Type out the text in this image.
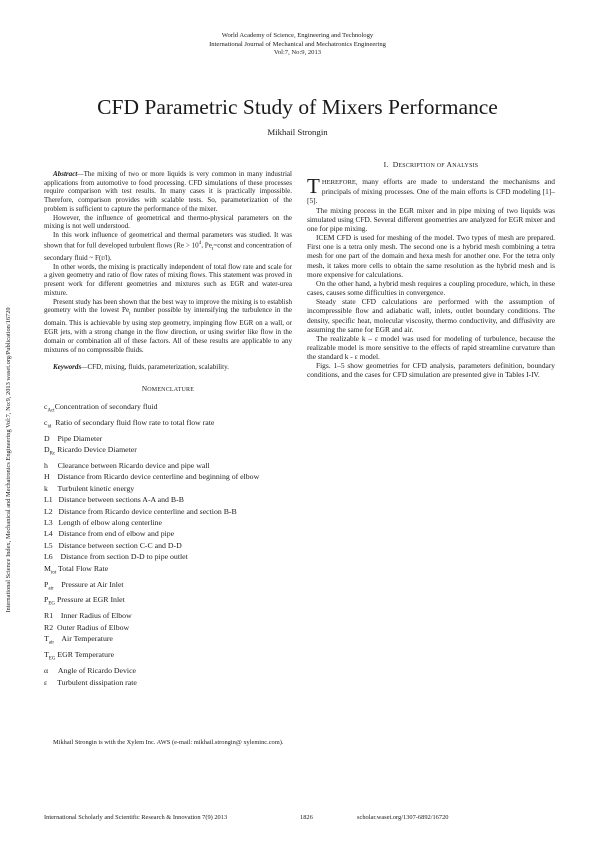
World Academy of Science, Engineering and Technology
International Journal of Mechanical and Mechatronics Engineering
Vol:7, No:9, 2013
CFD Parametric Study of Mixers Performance
Mikhail Strongin
International Science Index, Mechanical and Mechatronics Engineering Vol:7, No:9, 2013 waset.org/Publication/16720

Abstract—The mixing of two or more liquids is very common in many industrial applications from automotive to food processing. CFD simulations of these processes require comparison with test results. In many cases it is practically impossible. Therefore, comparison provides with scalable tests. So, parameterization of the problem is sufficient to capture the performance of the mixer.

However, the influence of geometrical and thermo-physical parameters on the mixing is not well understood.

In this work influence of geometrical and thermal parameters was studied. It was shown that for full developed turbulent flows ($Re > 10^4$, $Pe_t=const$ and concentration of secondary fluid ~ F(r/l).

In other words, the mixing is practically independent of total flow rate and scale for a given geometry and ratio of flow rates of mixing flows. This statement was proved in present work for different geometries and mixtures such as EGR and water-urea mixture.

Present study has been shown that the best way to improve the mixing is to establish geometry with the lowest $Pe_t$ number possible by intensifying the turbulence in the domain. This is achievable by using step geometry, impinging flow EGR on a wall, or EGR jets, with a strong change in the flow direction, or using swirler like flow in the domain or combination all of these factors. All of these results are applicable to any mixtures of no compressible fluids.

Keywords—CFD, mixing, fluids, parameterization, scalability.

NOMENCLATURE
$c_{Act}Concentration$ of secondary fluid
$c_{id}$  Ratio of secondary fluid flow rate to total flow rate
D    Pipe Diameter
$D_{Rc}$ Ricardo Device Diameter
h     Clearance between Ricardo device and pipe wall
H    Distance from Ricardo device centerline and beginning of elbow
k     Turbulent kinetic energy
L1   Distance between sections A-A and B-B
L2   Distance from Ricardo device centerline and section B-B
L3   Length of elbow along centerline
L4   Distance from end of elbow and pipe
L5   Distance between section C-C and D-D
L6    Distance from section D-D to pipe outlet
$M_{tot}$ Total Flow Rate
$P_{air}$    Pressure at Air Inlet
$P_{EG}$ Pressure at EGR Inlet
R1    Inner Radius of Elbow
R2  Outer Radius of Elbow
$T_{air}$    Air Temperature
$T_{EG}$ EGR Temperature
α     Angle of Ricardo Device
ε     Turbulent dissipation rate
Mikhail Strongin is with the Xylem Inc. AWS (e-mail: mikhail.strongin@ xyleminc.com).
I. DESCRIPTION OF ANALYSIS

THEREFORE, many efforts are made to understand the mechanisms and principals of mixing processes. One of the main efforts is CFD modeling [1]–[5].

The mixing process in the EGR mixer and in pipe mixing of two liquids was simulated using CFD. Several different geometries are analyzed for EGR mixer and one for pipe mixing.

ICEM CFD is used for meshing of the model. Two types of mesh are prepared. First one is a tetra only mesh. The second one is a hybrid mesh combining a tetra mesh for one part of the domain and hexa mesh for another one. For the tetra only mesh, it takes more cells to obtain the same resolution as the hybrid mesh and is more expensive for calculations.

On the other hand, a hybrid mesh requires a coupling procedure, which, in these cases, causes some difficulties in convergence.

Steady state CFD calculations are performed with the assumption of incompressible flow and adiabatic wall, inlets, outlet boundary conditions. The density, specific heat, molecular viscosity, thermo conductivity, and diffusivity are assuming the same for EGR and air.

The realizable k – ε model was used for modeling of turbulence, because the realizable model is more sensitive to the effects of rapid streamline curvature than the standard k - ε model.

Figs. 1–5 show geometries for CFD analysis, parameters definition, boundary conditions, and the cases for CFD simulation are presented give in Tables I-IV.

International Scholarly and Scientific Research & Innovation 7(9) 2013	1826	scholar.waset.org/1307-6892/16720
